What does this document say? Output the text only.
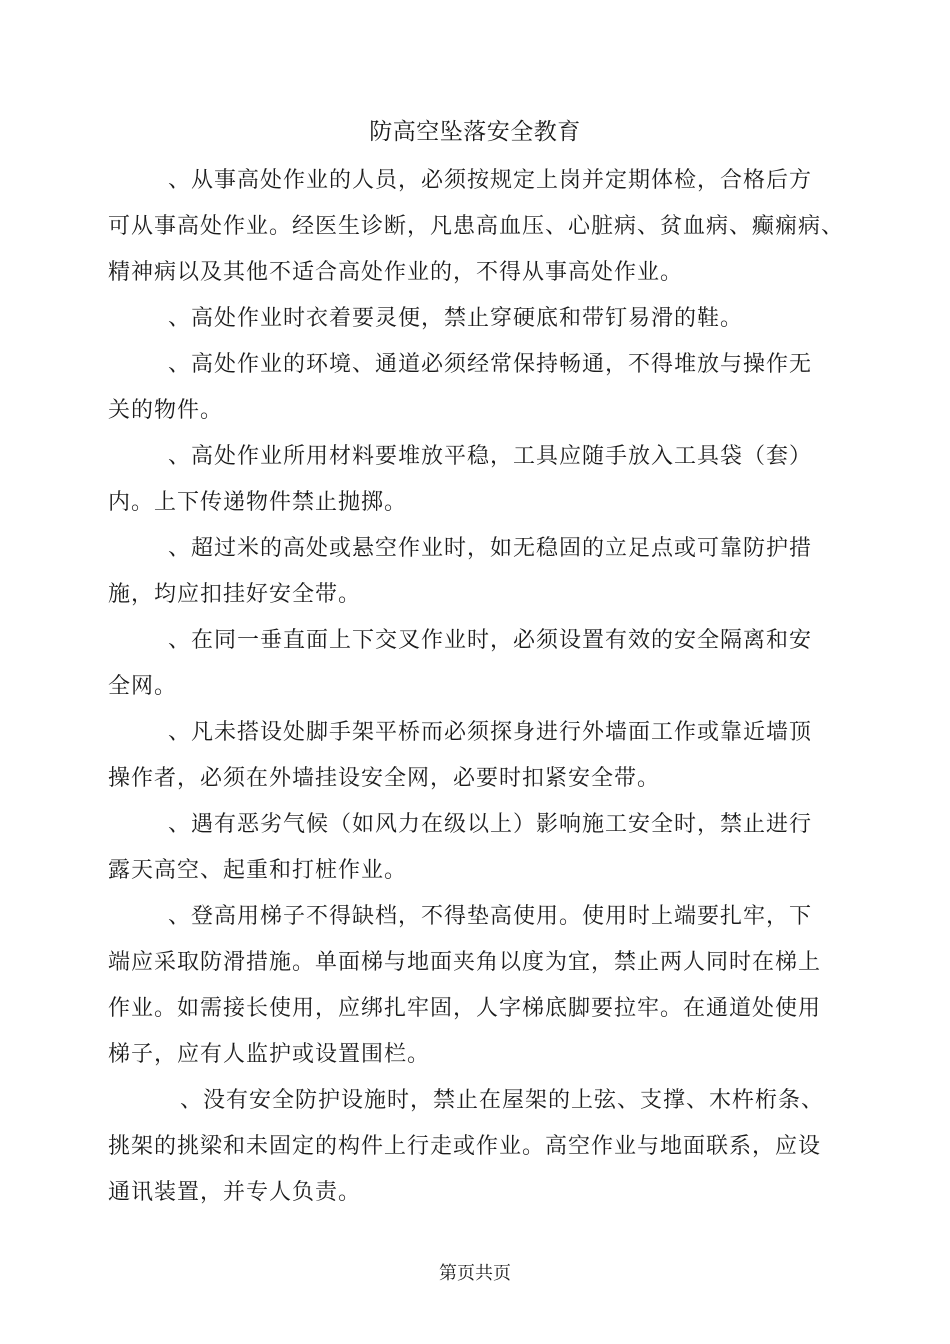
防高空坠落安全教育
、从事高处作业的人员，必须按规定上岗并定期体检，合格后方
可从事高处作业。经医生诊断，凡患高血压、心脏病、贫血病、癫痫病、
精神病以及其他不适合高处作业的，不得从事高处作业。
、高处作业时衣着要灵便，禁止穿硬底和带钉易滑的鞋。
、高处作业的环境、通道必须经常保持畅通，不得堆放与操作无
关的物件。
、高处作业所用材料要堆放平稳，工具应随手放入工具袋（套）
内。上下传递物件禁止抛掷。
、超过米的高处或悬空作业时，如无稳固的立足点或可靠防护措
施，均应扣挂好安全带。
、在同一垂直面上下交叉作业时，必须设置有效的安全隔离和安
全网。
、凡未搭设处脚手架平桥而必须探身进行外墙面工作或靠近墙顶
操作者，必须在外墙挂设安全网，必要时扣紧安全带。
、遇有恶劣气候（如风力在级以上）影响施工安全时，禁止进行
露天高空、起重和打桩作业。
、登高用梯子不得缺档，不得垫高使用。使用时上端要扎牢，下
端应采取防滑措施。单面梯与地面夹角以度为宜，禁止两人同时在梯上
作业。如需接长使用，应绑扎牢固，人字梯底脚要拉牢。在通道处使用
梯子，应有人监护或设置围栏。
、没有安全防护设施时，禁止在屋架的上弦、支撑、木杵桁条、
挑架的挑梁和未固定的构件上行走或作业。高空作业与地面联系，应设
通讯装置，并专人负责。
第页共页
